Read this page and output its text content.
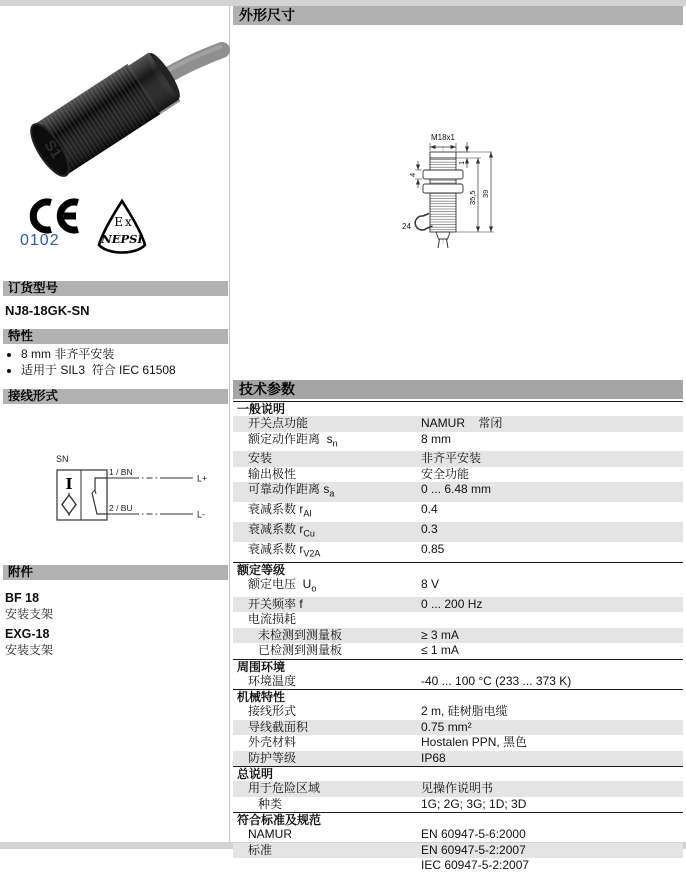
S1
0102
Ex
NEPSI
订货型号
NJ8-18GK-SN
特性
• 8 mm 非齐平安装
• 适用于 SIL3  符合 IEC 61508
接线形式
SN
I
1 / BN
L+
2 / BU
L-
附件
BF 18
安装支架
EXG-18
安装支架
外形尺寸
M18x1
1
35,5 39
4
24
技术参数
一般说明
开关点功能	NAMUR    常闭
额定动作距离  $s_n$	8 mm
安装	非齐平安装
输出极性	安全功能
可靠动作距离 $s_a$	0 ... 6.48 mm
衰减系数 $r_{Al}$	0.4
衰减系数 $r_{Cu}$	0.3
衰减系数 $r_{V2A}$	0.85
额定等级
额定电压  $U_o$	8 V
开关频率 f	0 ... 200 Hz
电流损耗
未检测到测量板	≥ 3 mA
已检测到测量板	≤ 1 mA
周围环境
环境温度	-40 ... 100 °C (233 ... 373 K)
机械特性
接线形式	2 m, 硅树脂电缆
导线截面积	0.75 mm²
外壳材料	Hostalen PPN, 黑色
防护等级	IP68
总说明
用于危险区域	见操作说明书
种类	1G; 2G; 3G; 1D; 3D
符合标准及规范
NAMUR	EN 60947-5-6:2000
标准	EN 60947-5-2:2007
IEC 60947-5-2:2007
